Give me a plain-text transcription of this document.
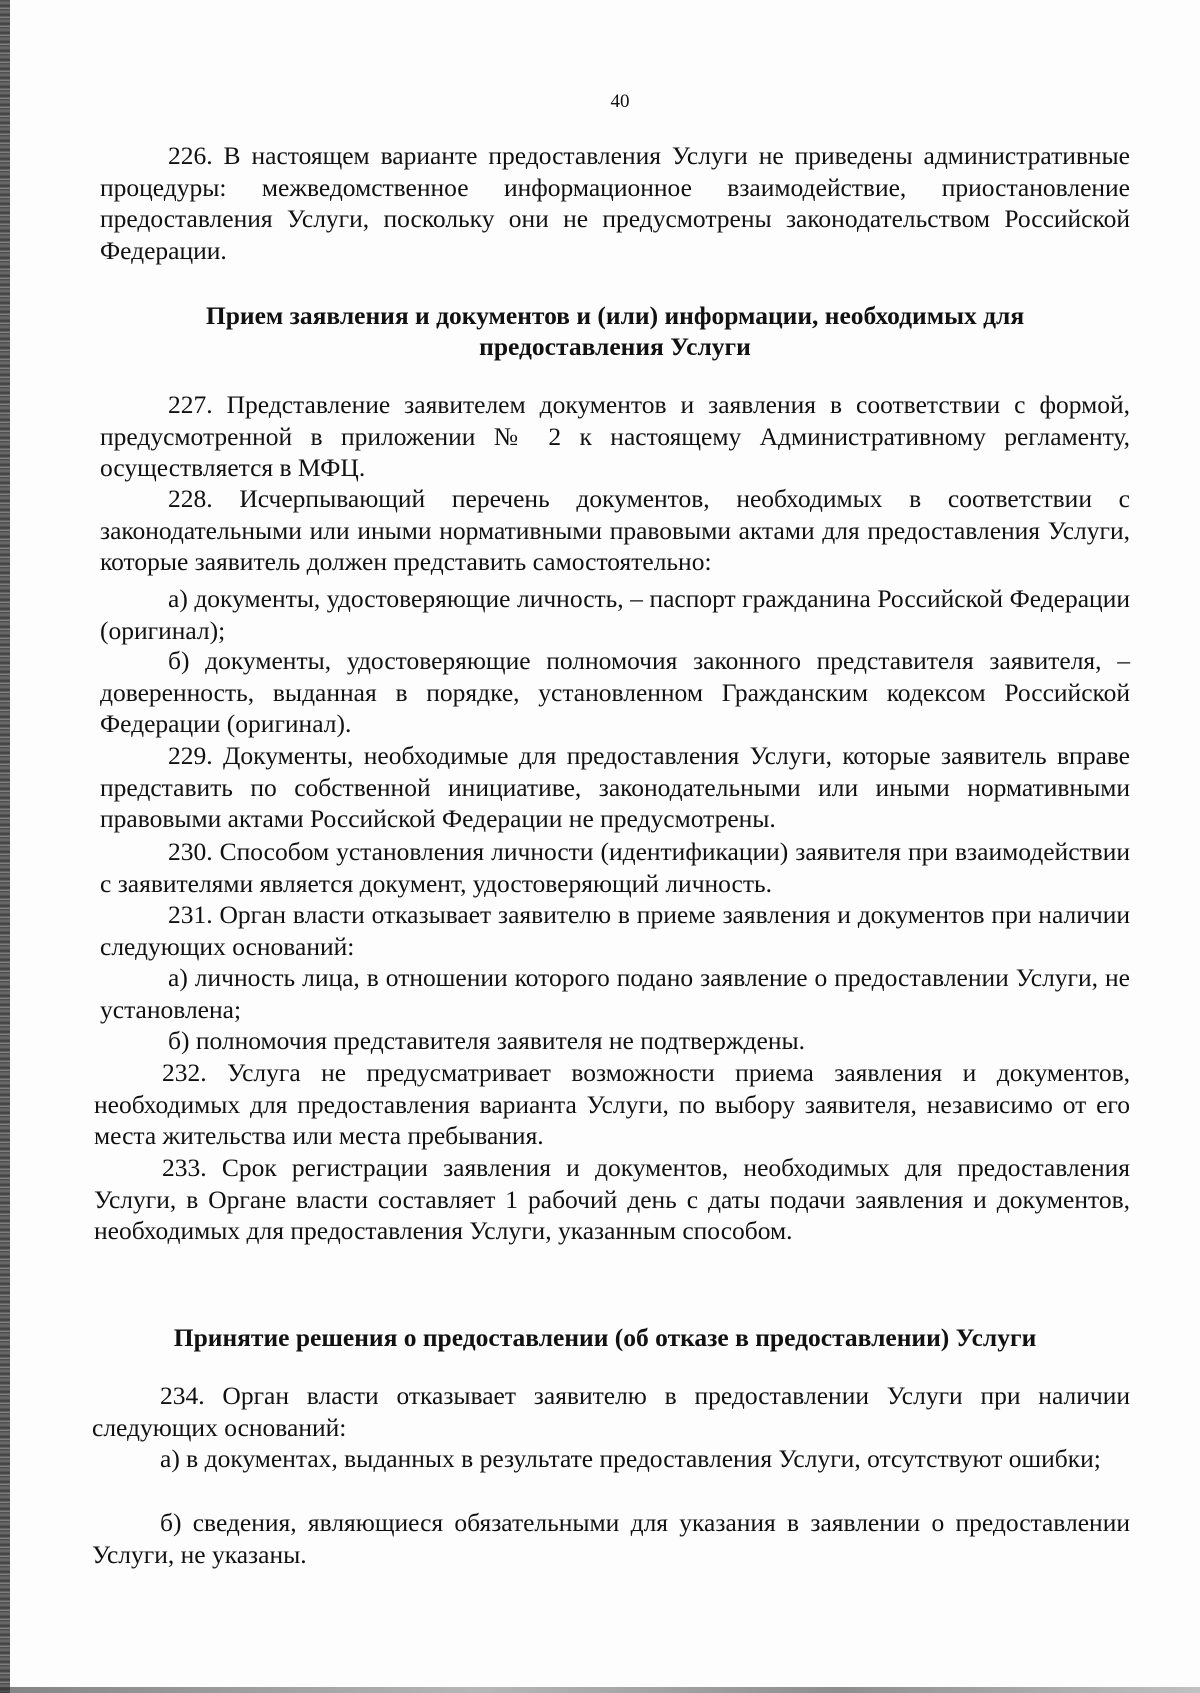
40

226. В настоящем варианте предоставления Услуги не приведены административные процедуры: межведомственное информационное взаимодействие, приостановление предоставления Услуги, поскольку они не предусмотрены законодательством Российской Федерации.

Прием заявления и документов и (или) информации, необходимых для предоставления Услуги

227. Представление заявителем документов и заявления в соответствии с формой, предусмотренной в приложении № 2 к настоящему Административному регламенту, осуществляется в МФЦ.

228. Исчерпывающий перечень документов, необходимых в соответствии с законодательными или иными нормативными правовыми актами для предоставления Услуги, которые заявитель должен представить самостоятельно:

а) документы, удостоверяющие личность, – паспорт гражданина Российской Федерации (оригинал);

б) документы, удостоверяющие полномочия законного представителя заявителя, – доверенность, выданная в порядке, установленном Гражданским кодексом Российской Федерации (оригинал).

229. Документы, необходимые для предоставления Услуги, которые заявитель вправе представить по собственной инициативе, законодательными или иными нормативными правовыми актами Российской Федерации не предусмотрены.

230. Способом установления личности (идентификации) заявителя при взаимодействии с заявителями является документ, удостоверяющий личность.

231. Орган власти отказывает заявителю в приеме заявления и документов при наличии следующих оснований:

а) личность лица, в отношении которого подано заявление о предоставлении Услуги, не установлена;

б) полномочия представителя заявителя не подтверждены.

232. Услуга не предусматривает возможности приема заявления и документов, необходимых для предоставления варианта Услуги, по выбору заявителя, независимо от его места жительства или места пребывания.

233. Срок регистрации заявления и документов, необходимых для предоставления Услуги, в Органе власти составляет 1 рабочий день с даты подачи заявления и документов, необходимых для предоставления Услуги, указанным способом.

Принятие решения о предоставлении (об отказе в предоставлении) Услуги

234. Орган власти отказывает заявителю в предоставлении Услуги при наличии следующих оснований:

а) в документах, выданных в результате предоставления Услуги, отсутствуют ошибки;

б) сведения, являющиеся обязательными для указания в заявлении о предоставлении Услуги, не указаны.
